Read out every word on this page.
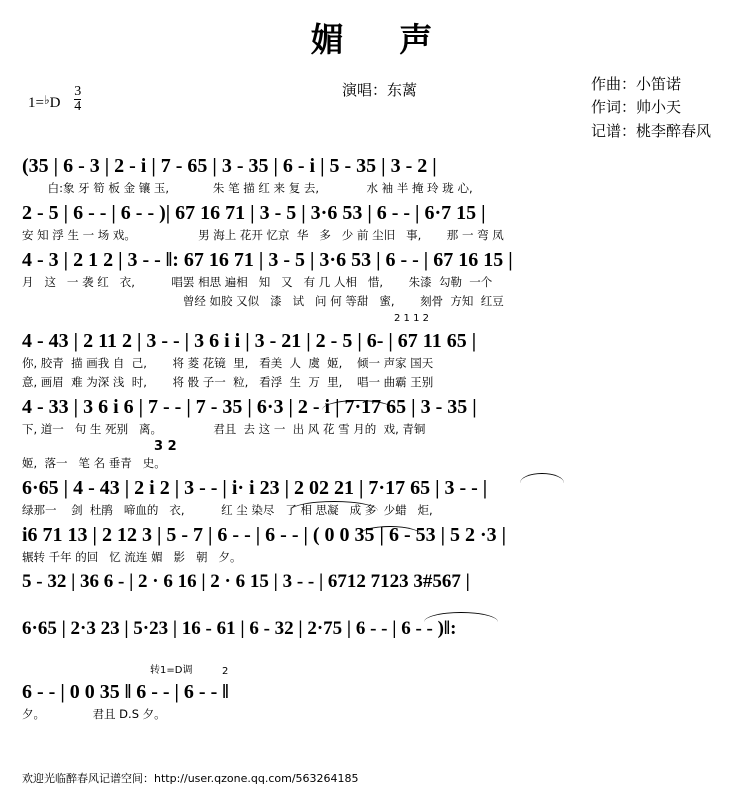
媚 声
$1=^♭D \frac{3}{4}$	演唱：东蓠	作曲：小笛诺
作词：帅小天
记谱：桃李醉春风
(35 | 6 - 3 | 2 - i | 7 - 65 | 3 - 35 | 6 - i | 5 - 35 | 3 - 2 |
白:象 牙 筍 板 金 镶 玉,            朱 笔 描 红 来 复 去,             水 袖 半 掩 玲 珑 心,
2 - 5 | 6 - - | 6 - - )| 67 16 71 | 3 - 5 | 3·6 53 | 6 - - | 6·7 15 |
安 知 浮 生 一 场 戏。                 男 海上 花开 忆京  华   多   少 前 尘旧   事,       那 一 弯 凤
4 - 3 | 2 1 2 | 3 - - ‖: 67 16 71 | 3 - 5 | 3·6 53 | 6 - - | 67 16 15 |
月   这   一 袭 红   衣,          唱罢 相思 遍相   知   又   有 几 人相   惜,       朱漆  勾勒  一个
曾经 如胶 又似   漆   试   问 何 等甜   蜜,       刻骨  方知  红豆
2 1 1 2
4 - 43 | 2 11 2 | 3 - - | 3 6 i i | 3 - 21 | 2 - 5 | 6- | 67 11 65 |
你, 胶青  描 画我 自  己,       将 菱 花镜  里,   看美  人  虞  姬,    倾一 声家 国天
意, 画眉  难 为深 浅  时,       将 骰 子一  粒,   看浮  生  万  里,    唱一 曲霸 王别
4 - 33 | 3 6 i 6 | 7 - - | 7 - 35 | 6·3 | 2 - i | 7·17 65 | 3 - 35 |
下, 道一   句 生 死别   离。              君且  去 这 一  出 风 花 雪 月的  戏, 青铜
3 2
姬,  落一   笔 名 垂青   史。
6·65 | 4 - 43 | 2 i 2 | 3 - - | i· i 23 | 2 02 21 | 7·17 65 | 3 - - |
绿那一    剑  杜鹃   啼血的   衣,          红 尘 染尽   了 相 思凝   成 多  少蜡   炬,
i6 71 13 | 2 12 3 | 5 - 7 | 6 - - | 6 - - | ( 0 0 35 | 6 - 53 | 5 2 ·3 |
辗转 千年 的回   忆 流连 媚   影   朝   夕。
5 - 32 | 36 6 - | 2 · 6 16 | 2 · 6 15 | 3 - - | 6712 7123 3#567 |
6·65 | 2·3 23 | 5·23 | 16 - 61 | 6 - 32 | 2·75 | 6 - - | 6 - - )‖:
转1=D调	2
6 - - | 0 0 35 ‖ 6 - - | 6 - - ‖
夕。             君且 D.S 夕。
欢迎光临醉春风记谱空间：http://user.qzone.qq.com/563264185
